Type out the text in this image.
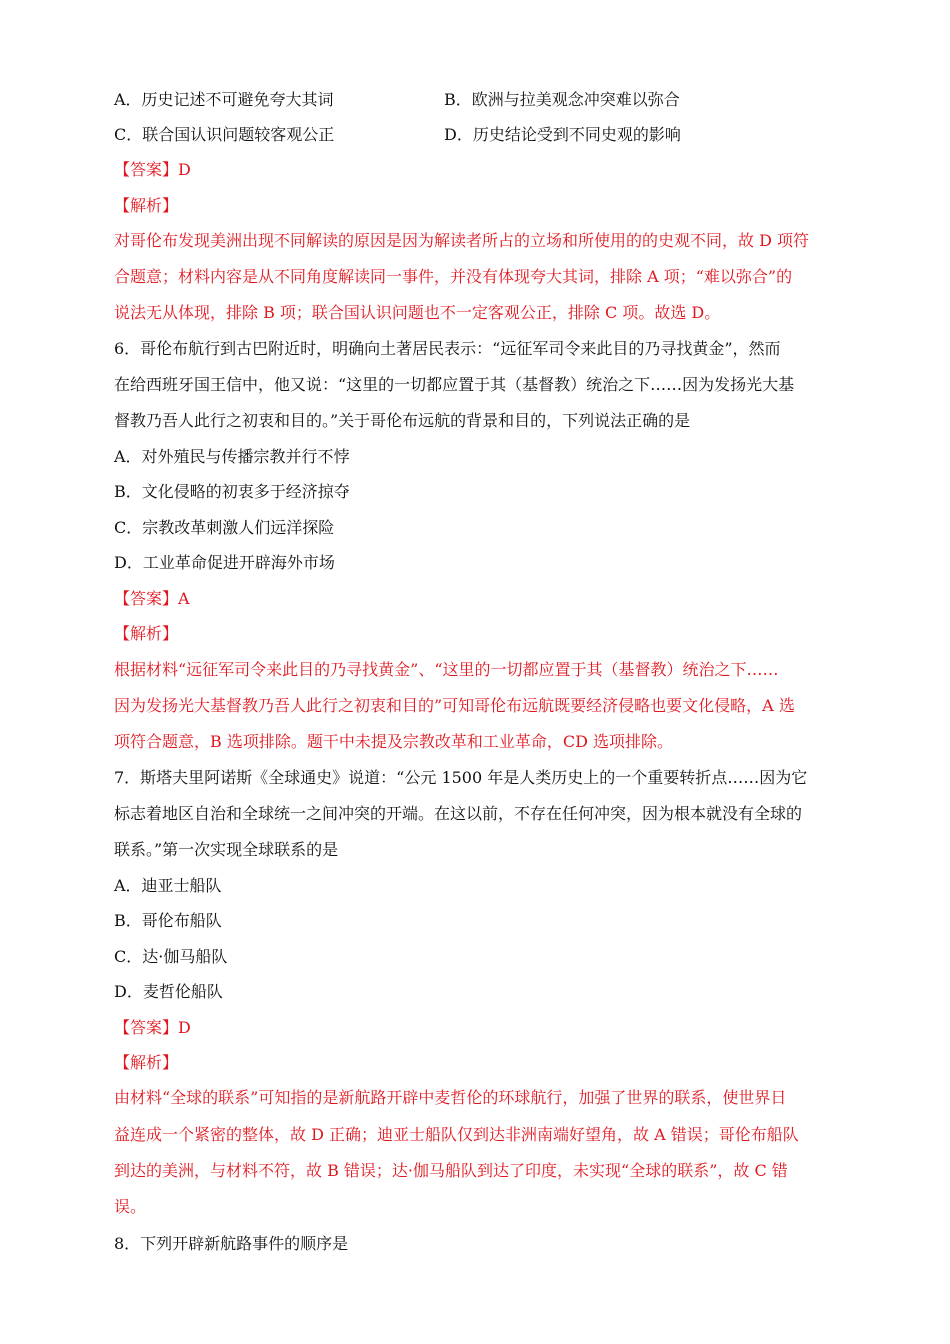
A．历史记述不可避免夸大其词	B．欧洲与拉美观念冲突难以弥合
C．联合国认识问题较客观公正	D．历史结论受到不同史观的影响
【答案】D
【解析】
对哥伦布发现美洲出现不同解读的原因是因为解读者所占的立场和所使用的的史观不同，故 D 项符
合题意；材料内容是从不同角度解读同一事件，并没有体现夸大其词，排除 A 项；“难以弥合”的
说法无从体现，排除 B 项；联合国认识问题也不一定客观公正，排除 C 项。故选 D。
6．哥伦布航行到古巴附近时，明确向土著居民表示：“远征军司令来此目的乃寻找黄金”，然而
在给西班牙国王信中，他又说：“这里的一切都应置于其（基督教）统治之下……因为发扬光大基
督教乃吾人此行之初衷和目的。”关于哥伦布远航的背景和目的，下列说法正确的是
A．对外殖民与传播宗教并行不悖
B．文化侵略的初衷多于经济掠夺
C．宗教改革刺激人们远洋探险
D．工业革命促进开辟海外市场
【答案】A
【解析】
根据材料“远征军司令来此目的乃寻找黄金”、“这里的一切都应置于其（基督教）统治之下……
因为发扬光大基督教乃吾人此行之初衷和目的”可知哥伦布远航既要经济侵略也要文化侵略，A 选
项符合题意，B 选项排除。题干中未提及宗教改革和工业革命，CD 选项排除。
7．斯塔夫里阿诺斯《全球通史》说道：“公元 1500 年是人类历史上的一个重要转折点……因为它
标志着地区自治和全球统一之间冲突的开端。在这以前，不存在任何冲突，因为根本就没有全球的
联系。”第一次实现全球联系的是
A．迪亚士船队
B．哥伦布船队
C．达·伽马船队
D．麦哲伦船队
【答案】D
【解析】
由材料“全球的联系”可知指的是新航路开辟中麦哲伦的环球航行，加强了世界的联系，使世界日
益连成一个紧密的整体，故 D 正确；迪亚士船队仅到达非洲南端好望角，故 A 错误；哥伦布船队
到达的美洲，与材料不符，故 B 错误；达·伽马船队到达了印度，未实现“全球的联系”，故 C 错
误。
8．下列开辟新航路事件的顺序是
